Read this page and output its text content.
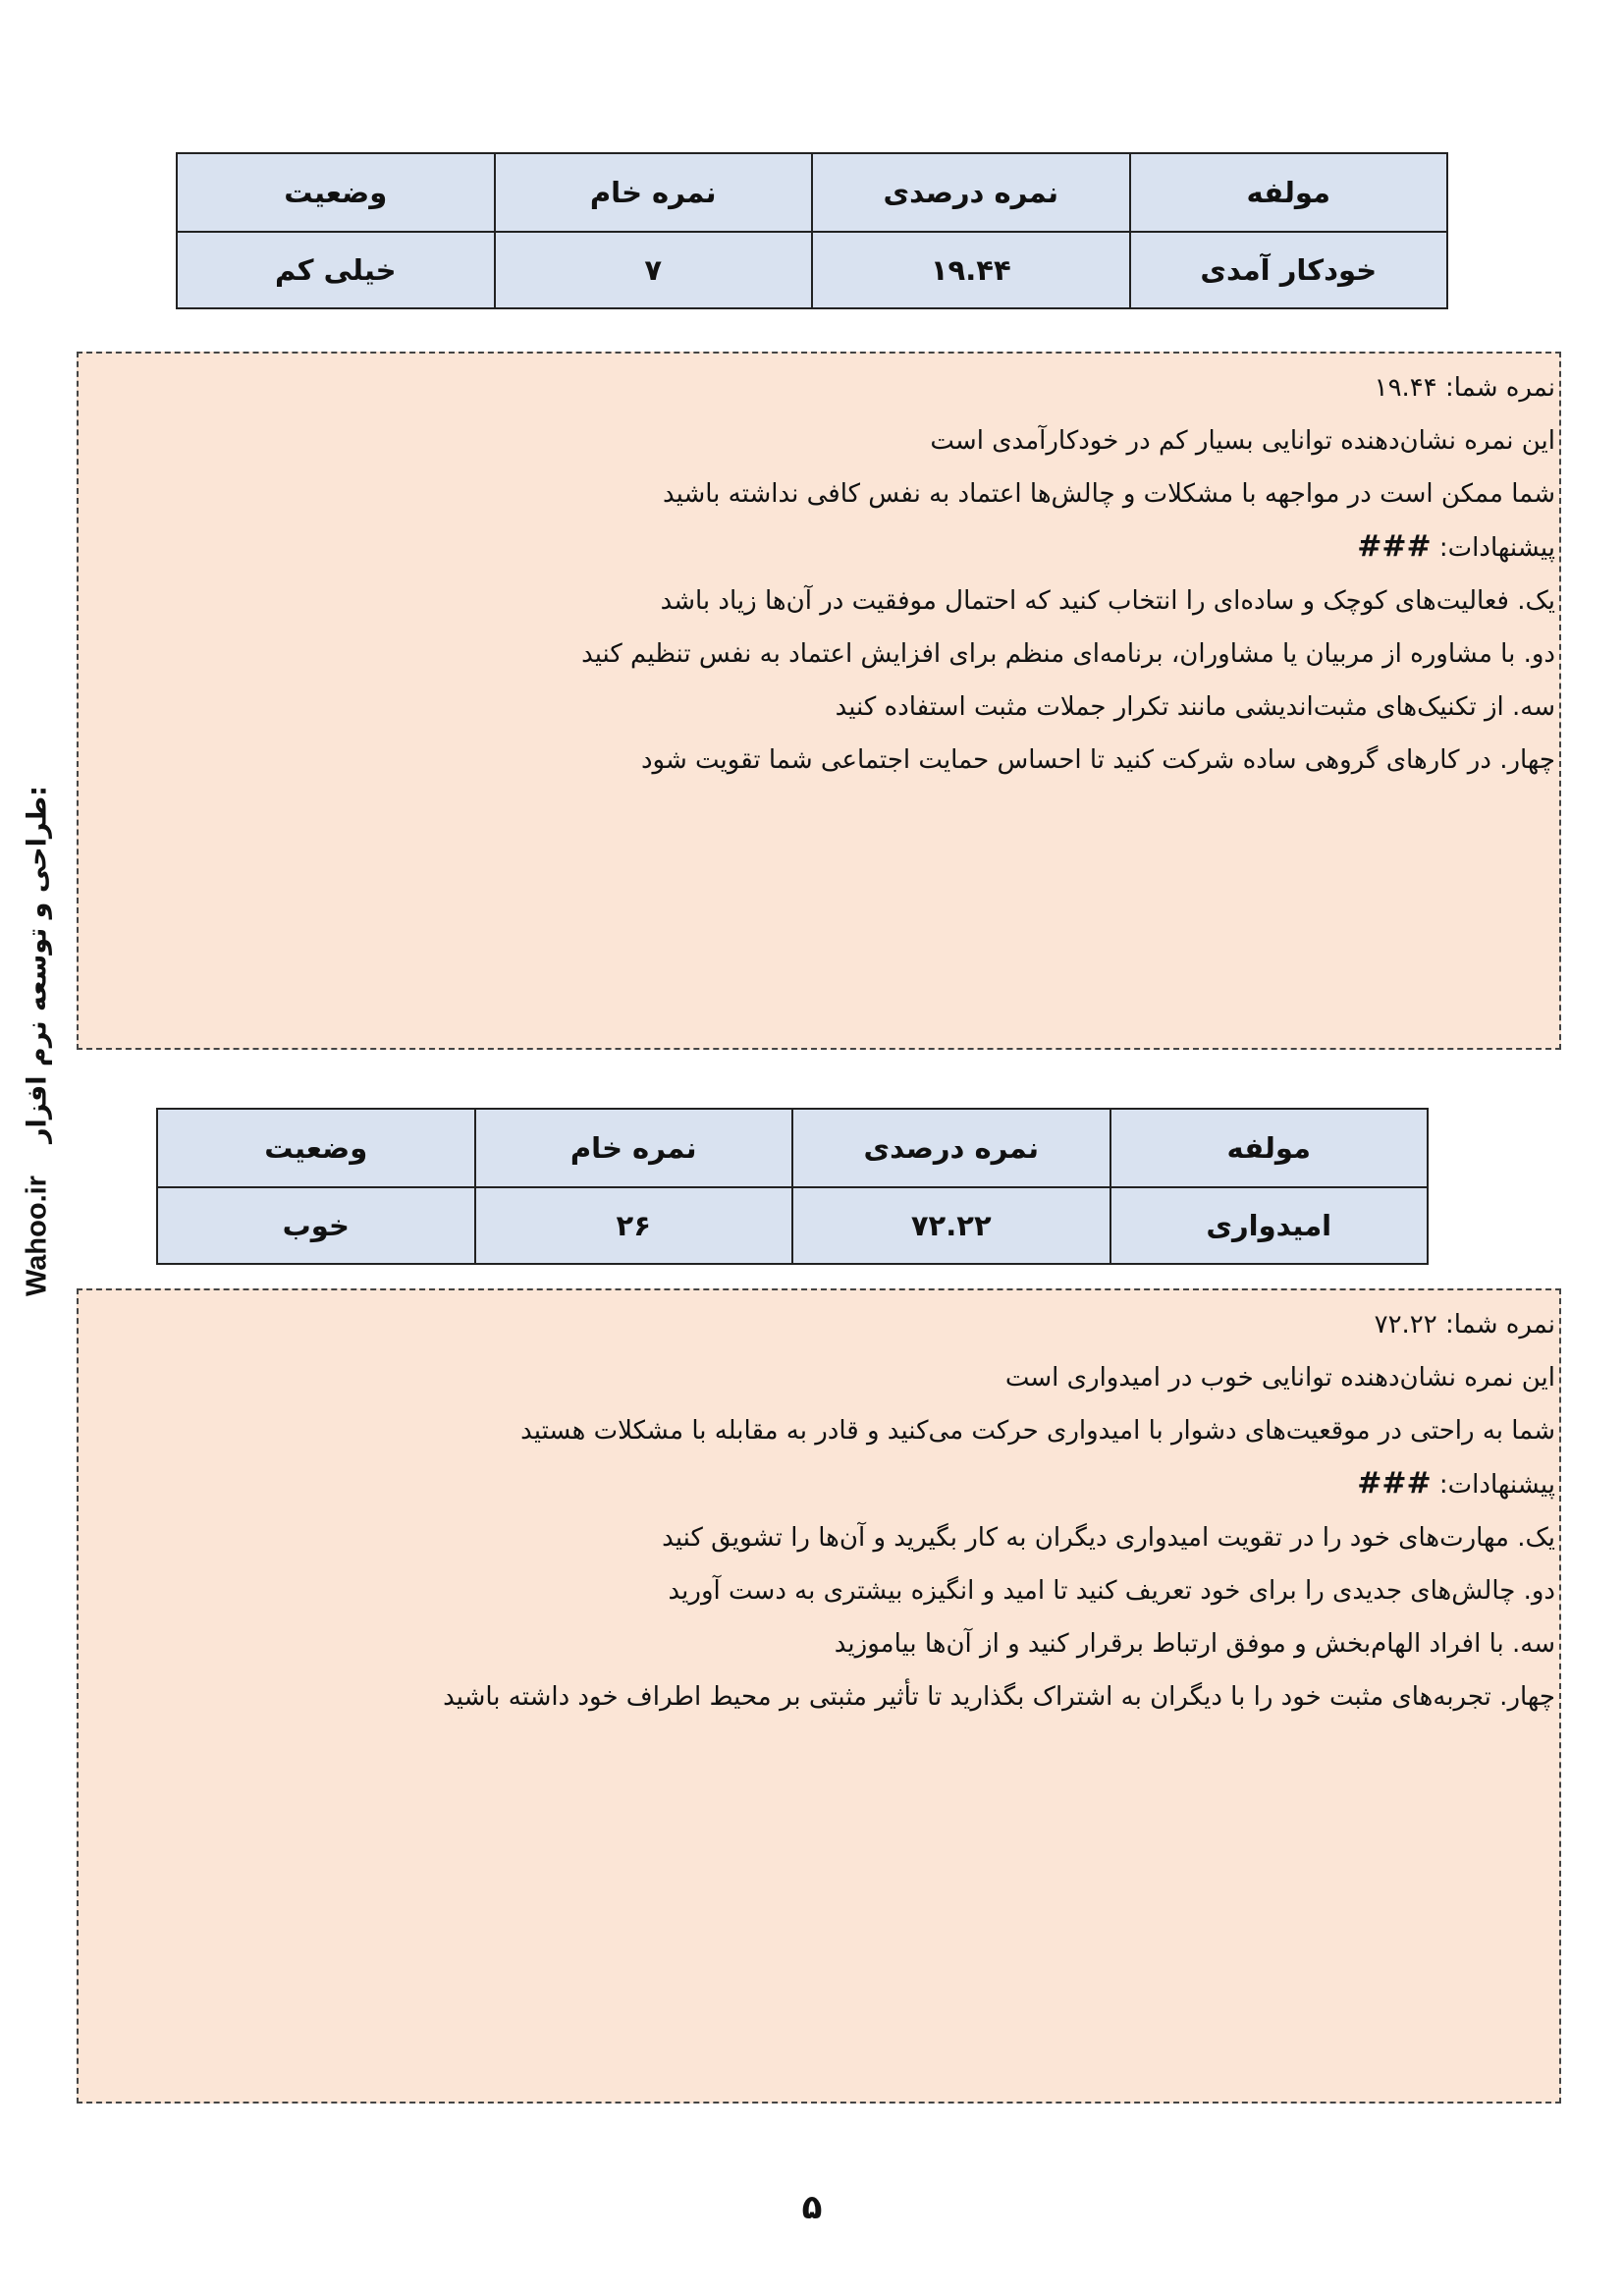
مولفه	نمره درصدی	نمره خام	وضعیت
خودکار آمدی	۱۹.۴۴	۷	خیلی کم
نمره شما: ۱۹.۴۴
این نمره نشان‌دهنده توانایی بسیار کم در خودکارآمدی است
شما ممکن است در مواجهه با مشکلات و چالش‌ها اعتماد به نفس کافی نداشته باشید
پیشنهادات: ###
یک. فعالیت‌های کوچک و ساده‌ای را انتخاب کنید که احتمال موفقیت در آن‌ها زیاد باشد
دو. با مشاوره از مربیان یا مشاوران، برنامه‌ای منظم برای افزایش اعتماد به نفس تنظیم کنید
سه. از تکنیک‌های مثبت‌اندیشی مانند تکرار جملات مثبت استفاده کنید
چهار. در کارهای گروهی ساده شرکت کنید تا احساس حمایت اجتماعی شما تقویت شود
مولفه	نمره درصدی	نمره خام	وضعیت
امیدواری	۷۲.۲۲	۲۶	خوب
نمره شما: ۷۲.۲۲
این نمره نشان‌دهنده توانایی خوب در امیدواری است
شما به راحتی در موقعیت‌های دشوار با امیدواری حرکت می‌کنید و قادر به مقابله با مشکلات هستید
پیشنهادات: ###
یک. مهارت‌های خود را در تقویت امیدواری دیگران به کار بگیرید و آن‌ها را تشویق کنید
دو. چالش‌های جدیدی را برای خود تعریف کنید تا امید و انگیزه بیشتری به دست آورید
سه. با افراد الهام‌بخش و موفق ارتباط برقرار کنید و از آن‌ها بیاموزید
چهار. تجربه‌های مثبت خود را با دیگران به اشتراک بگذارید تا تأثیر مثبتی بر محیط اطراف خود داشته باشید
Wahoo.ir
طراحی و توسعه نرم افزار:
۵
